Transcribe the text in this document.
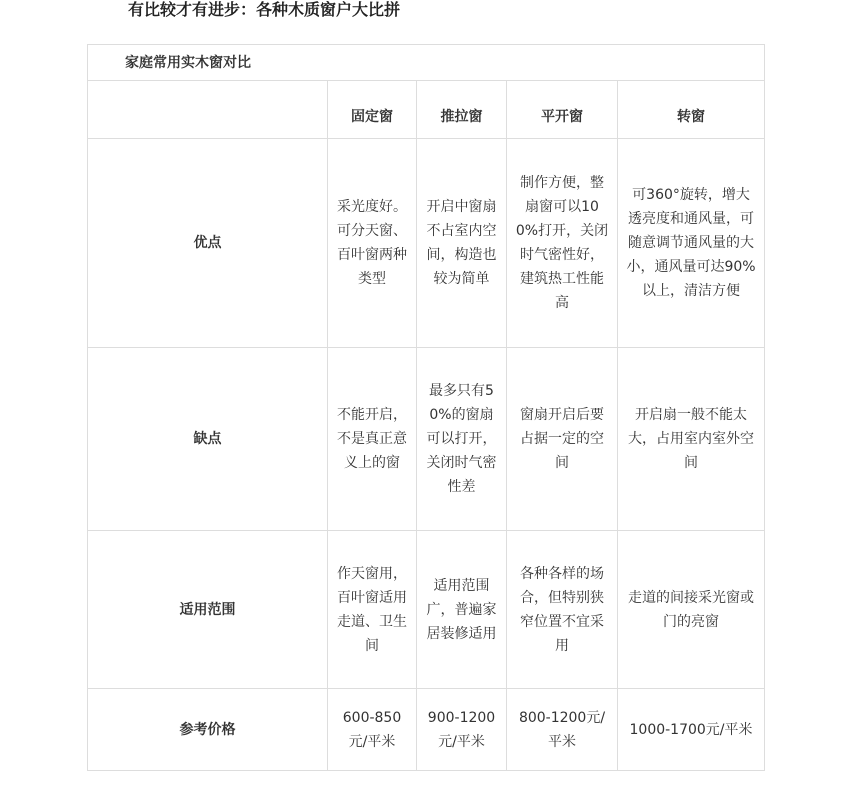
有比较才有进步：各种木质窗户大比拼
家庭常用实木窗对比				
	固定窗	推拉窗	平开窗	转窗
优点	采光度好。可分天窗、百叶窗两种类型	开启中窗扇不占室内空间，构造也较为简单	制作方便，整扇窗可以100%打开，关闭时气密性好，建筑热工性能高	可360°旋转，增大透亮度和通风量，可随意调节通风量的大小，通风量可达90%以上，清洁方便
缺点	不能开启，不是真正意义上的窗	最多只有50%的窗扇可以打开，关闭时气密性差	窗扇开启后要占据一定的空间	开启扇一般不能太大，占用室内室外空间
适用范围	作天窗用，百叶窗适用走道、卫生间	适用范围广，普遍家居装修适用	各种各样的场合，但特别狭窄位置不宜采用	走道的间接采光窗或门的亮窗
参考价格	600-850元/平米	900-1200元/平米	800-1200元/平米	1000-1700元/平米
